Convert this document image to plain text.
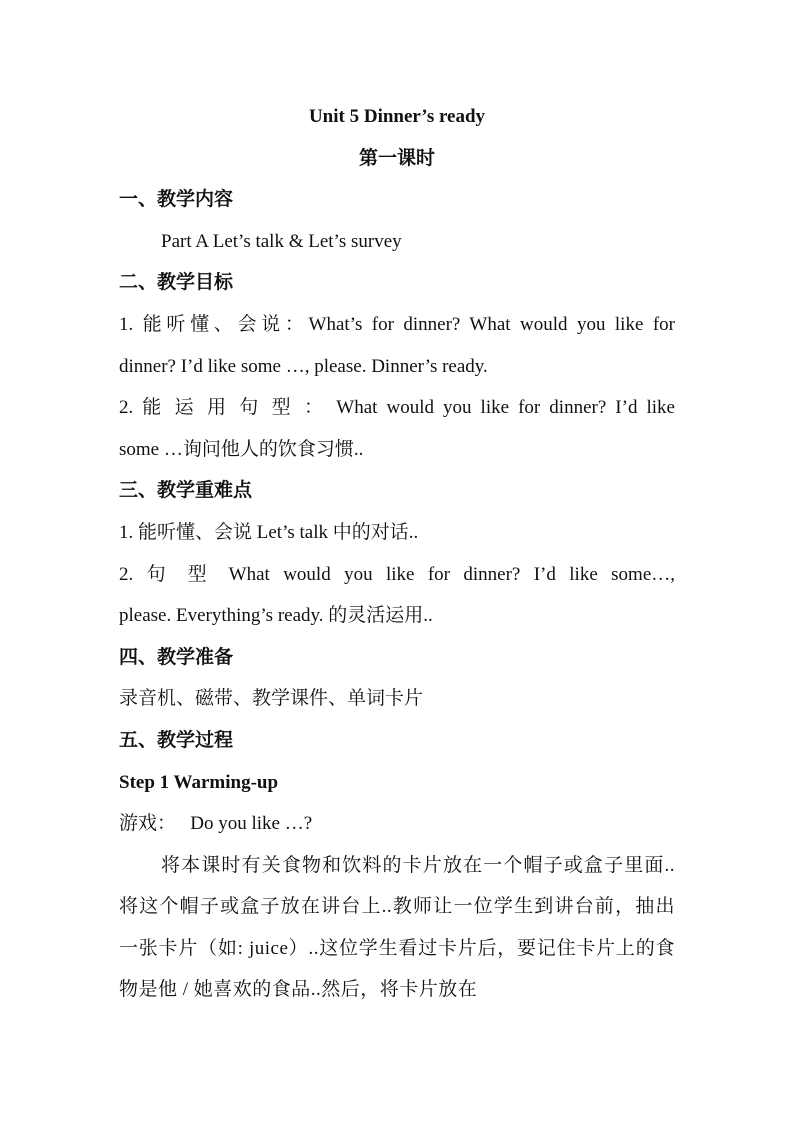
Unit 5 Dinner’s ready
第一课时
一、教学内容
Part A Let’s talk & Let’s survey
二、教学目标
1. 能听懂、会说：What’s for dinner? What would you like for
dinner? I’d like some …, please. Dinner’s ready.
2. 能 运 用 句 型 ： What would you like for dinner? I’d like
some …询问他人的饮食习惯..
三、教学重难点
1. 能听懂、会说 Let’s talk 中的对话..
2. 句 型 What would you like for dinner? I’d like some…,
please. Everything’s ready. 的灵活运用..
四、教学准备
录音机、磁带、教学课件、单词卡片
五、教学过程
Step 1 Warming-up
游戏：   Do you like …?
将本课时有关食物和饮料的卡片放在一个帽子或盒子里面..将这个帽子或盒子放在讲台上..教师让一位学生到讲台前，抽出一张卡片（如: juice）..这位学生看过卡片后，要记住卡片上的食物是他 / 她喜欢的食品..然后，将卡片放在
